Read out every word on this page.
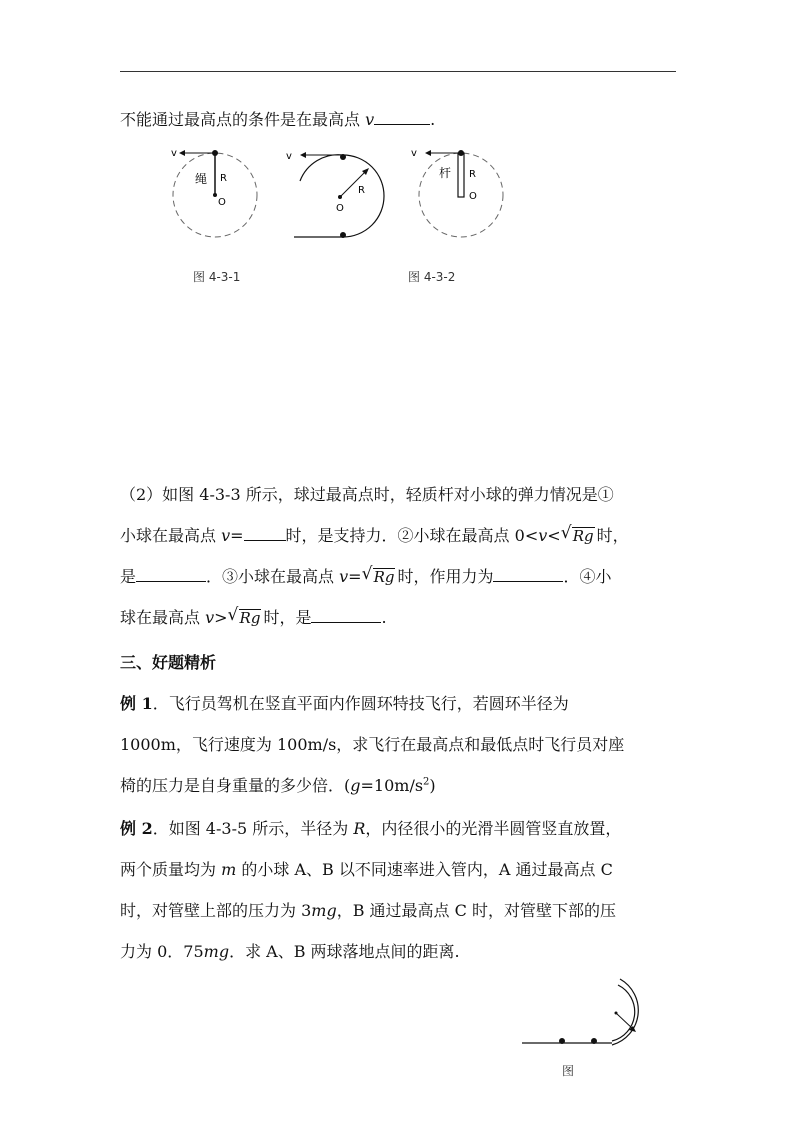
不能通过最高点的条件是在最高点 v	.
v
绳 R
O
图 4-3-1
v
R
O
v
杆 R
O
图 4-3-2
（2）如图 4-3-3 所示，球过最高点时，轻质杆对小球的弹力情况是①
小球在最高点 v=	时，是支持力．②小球在最高点 0<v< √ Rg 时，
是	．③小球在最高点 v= √ Rg 时，作用力为	．④小
球在最高点 v> √ Rg 时，是	.
三、好题精析
例 1．飞行员驾机在竖直平面内作圆环特技飞行，若圆环半径为
1000m，飞行速度为 100m/s，求飞行在最高点和最低点时飞行员对座
椅的压力是自身重量的多少倍．$(g=10m/s^2)$
例 2．如图 4-3-5 所示，半径为 R，内径很小的光滑半圆管竖直放置，
两个质量均为 m 的小球 A、B 以不同速率进入管内，A 通过最高点 C
时，对管壁上部的压力为 3mg，B 通过最高点 C 时，对管壁下部的压
力为 0．75mg．求 A、B 两球落地点间的距离.
图
